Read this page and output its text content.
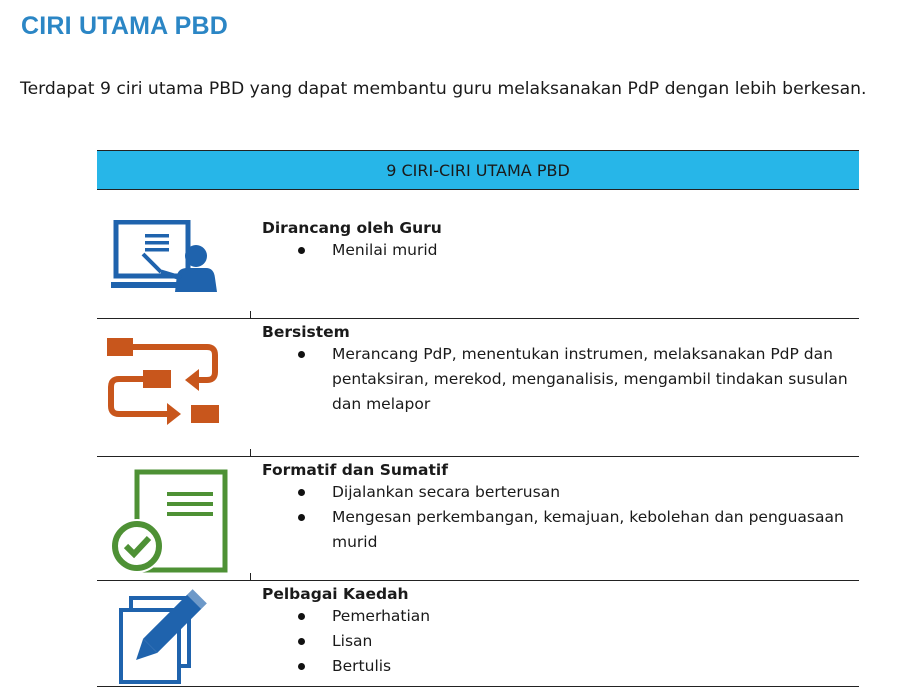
CIRI UTAMA PBD

Terdapat 9 ciri utama PBD yang dapat membantu guru melaksanakan PdP dengan lebih berkesan.

9 CIRI-CIRI UTAMA PBD

Dirancang oleh Guru

Menilai murid

Bersistem

Merancang PdP, menentukan instrumen, melaksanakan PdP dan pentaksiran, merekod, menganalisis, mengambil tindakan susulan dan melapor

Formatif dan Sumatif

Dijalankan secara berterusan
Mengesan perkembangan, kemajuan, kebolehan dan penguasaan murid

Pelbagai Kaedah

Pemerhatian
Lisan
Bertulis
